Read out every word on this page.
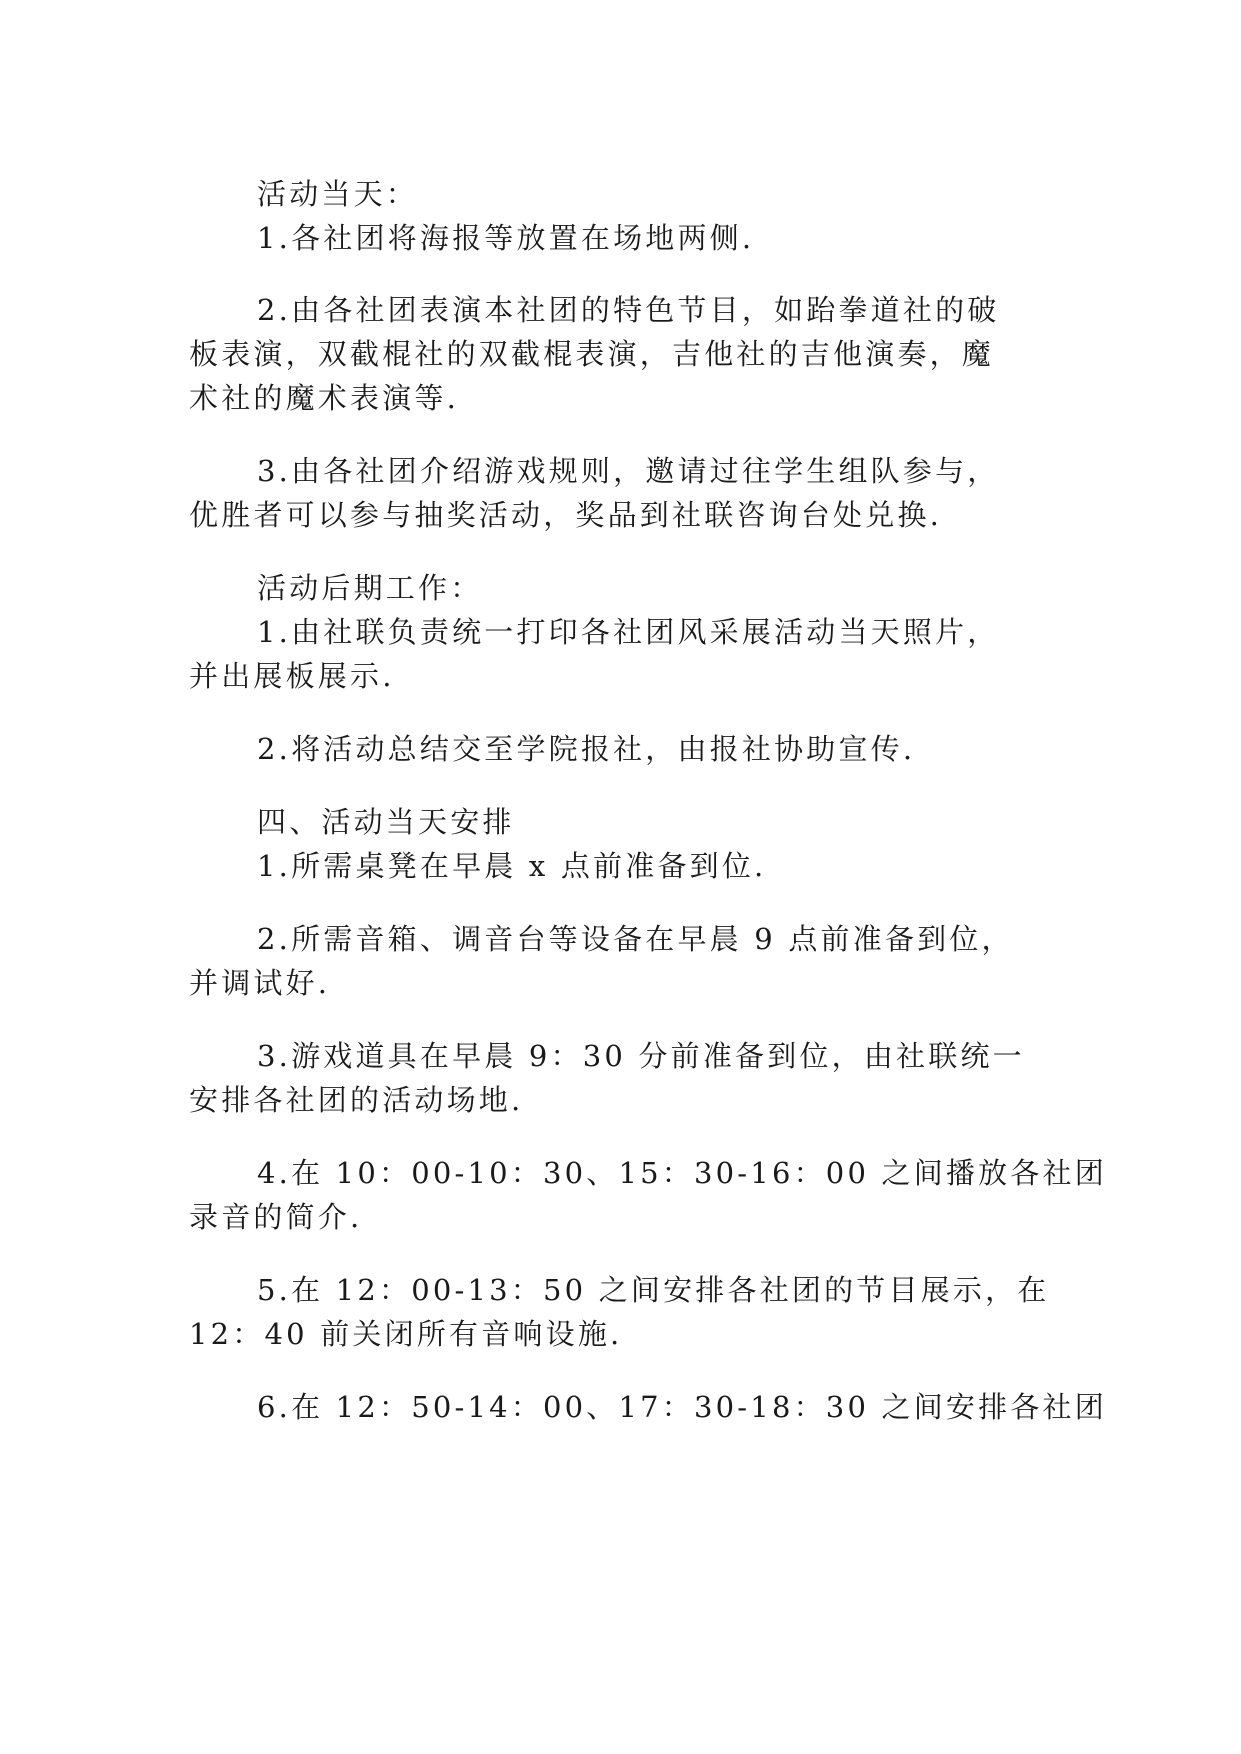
活动当天：
1.各社团将海报等放置在场地两侧.
2.由各社团表演本社团的特色节目，如跆拳道社的破
板表演，双截棍社的双截棍表演，吉他社的吉他演奏，魔
术社的魔术表演等.
3.由各社团介绍游戏规则，邀请过往学生组队参与，
优胜者可以参与抽奖活动，奖品到社联咨询台处兑换.
活动后期工作：
1.由社联负责统一打印各社团风采展活动当天照片，
并出展板展示.
2.将活动总结交至学院报社，由报社协助宣传.
四、活动当天安排
1.所需桌凳在早晨 x 点前准备到位.
2.所需音箱、调音台等设备在早晨 9 点前准备到位，
并调试好.
3.游戏道具在早晨 9：30 分前准备到位，由社联统一
安排各社团的活动场地.
4.在 10：00-10：30、15：30-16：00 之间播放各社团
录音的简介.
5.在 12：00-13：50 之间安排各社团的节目展示，在
12：40 前关闭所有音响设施.
6.在 12：50-14：00、17：30-18：30 之间安排各社团
